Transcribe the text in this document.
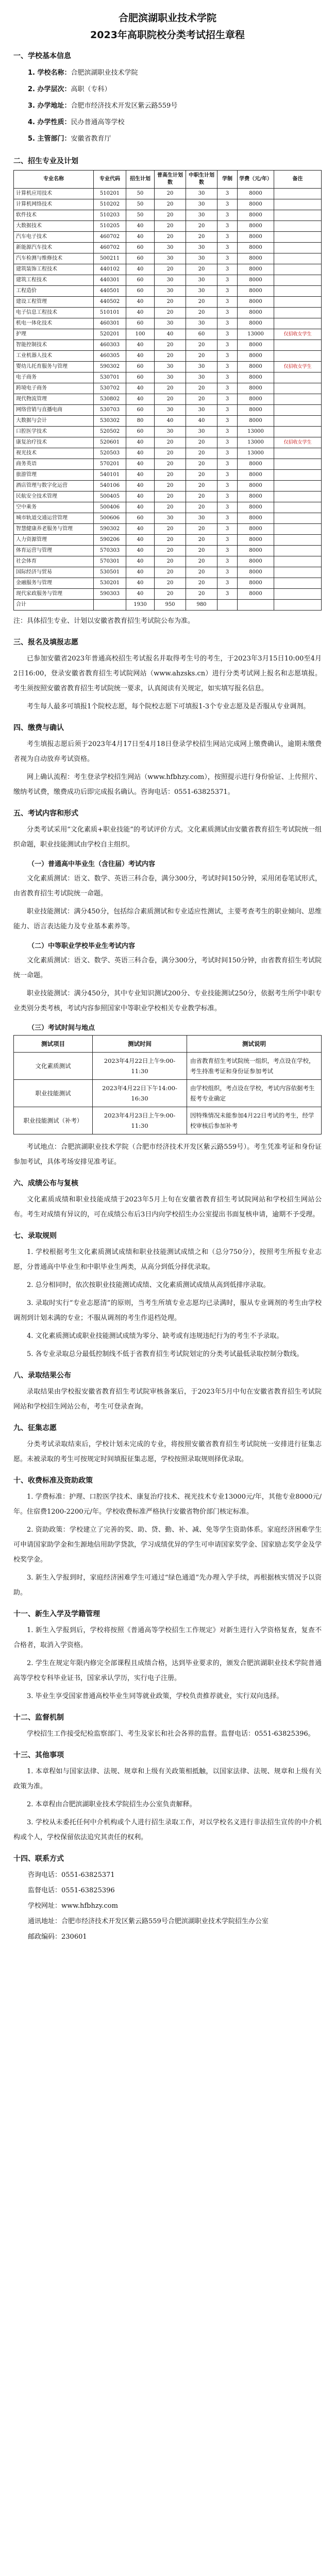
合肥滨湖职业技术学院
2023年高职院校分类考试招生章程
一、学校基本信息
1. 学校名称：合肥滨湖职业技术学院
2. 办学层次：高职（专科）
3. 办学地址：合肥市经济技术开发区紫云路559号
4. 办学性质：民办普通高等学校
5. 主管部门：安徽省教育厅
二、招生专业及计划
专业名称	专业代码	招生计划	普高生计划数	中职生计划数	学制	学费（元/年）	备注
计算机应用技术	510201	50	20	30	3	8000	
计算机网络技术	510202	50	20	30	3	8000	
软件技术	510203	50	20	30	3	8000	
大数据技术	510205	40	20	20	3	8000	
汽车电子技术	460702	40	20	20	3	8000	
新能源汽车技术	460702	60	30	30	3	8000	
汽车检测与维修技术	500211	60	30	30	3	8000	
建筑装饰工程技术	440102	40	20	20	3	8000	
建筑工程技术	440301	60	30	30	3	8000	
工程造价	440501	60	30	30	3	8000	
建设工程管理	440502	40	20	20	3	8000	
电子信息工程技术	510101	40	20	20	3	8000	
机电一体化技术	460301	60	30	30	3	8000	
护理	520201	100	40	60	3	13000	仅招收女学生
智能控制技术	460303	40	20	20	3	8000	
工业机器人技术	460305	40	20	20	3	8000	
婴幼儿托育服务与管理	590302	60	30	30	3	8000	仅招收女学生
电子商务	530701	60	30	30	3	8000	
跨境电子商务	530702	40	20	20	3	8000	
现代物流管理	530802	40	20	20	3	8000	
网络营销与直播电商	530703	60	30	30	3	8000	
大数据与会计	530302	80	40	40	3	8000	
口腔医学技术	520502	60	30	30	3	13000	
康复治疗技术	520601	40	20	20	3	13000	仅招收女学生
视光技术	520503	40	20	20	3	13000	
商务英语	570201	40	20	20	3	8000	
旅游管理	540101	40	20	20	3	8000	
酒店管理与数字化运营	540106	40	20	20	3	8000	
民航安全技术管理	500405	40	20	20	3	8000	
空中乘务	500406	40	20	20	3	8000	
城市轨道交通运营管理	500606	60	30	30	3	8000	
智慧健康养老服务与管理	590302	40	20	20	3	8000	
人力资源管理	590206	40	20	20	3	8000	
体育运营与管理	570303	40	20	20	3	8000	
社会体育	570301	40	20	20	3	8000	
国际经济与贸易	530501	40	20	20	3	8000	
金融服务与管理	530201	40	20	20	3	8000	
现代家政服务与管理	590303	40	20	20	3	8000	
合计		1930	950	980			

注：具体招生专业、计划以安徽省教育招生考试院公布为准。

三、报名及填报志愿

已参加安徽省2023年普通高校招生考试报名并取得考生号的考生，于2023年3月15日10:00至4月2日16:00，登录安徽省教育招生考试院网站（www.ahzsks.cn）进行分类考试网上报名和志愿填报。考生须按照安徽省教育招生考试院统一要求，认真阅读有关规定，如实填写报名信息。

考生每人最多可填报1个院校志愿，每个院校志愿下可填报1-3个专业志愿及是否服从专业调剂。

四、缴费与确认

考生填报志愿后须于2023年4月17日至4月18日登录学校招生网站完成网上缴费确认，逾期未缴费者视为自动放弃考试资格。

网上确认流程：考生登录学校招生网站（www.hfbhzy.com），按照提示进行身份验证、上传照片、缴纳考试费，缴费成功后即完成报名确认。咨询电话：0551-63825371。

五、考试内容和形式

分类考试采用“文化素质+职业技能”的考试评价方式。文化素质测试由安徽省教育招生考试院统一组织命题，职业技能测试由学校自主组织。

（一）普通高中毕业生（含往届）考试内容

文化素质测试：语文、数学、英语三科合卷，满分300分，考试时间150分钟，采用闭卷笔试形式，由省教育招生考试院统一命题。

职业技能测试：满分450分，包括综合素质测试和专业适应性测试，主要考查考生的职业倾向、思维能力、语言表达能力及专业基本素养等。

（二）中等职业学校毕业生考试内容

文化素质测试：语文、数学、英语三科合卷，满分300分，考试时间150分钟，由省教育招生考试院统一命题。

职业技能测试：满分450分，其中专业知识测试200分、专业技能测试250分，依据考生所学中职专业类别分类考核，考试内容参照国家中等职业学校相关专业教学标准。

（三）考试时间与地点
测试项目	测试时间	测试说明
文化素质测试	2023年4月22日上午9:00-11:30	由省教育招生考试院统一组织，考点设在学校，考生持准考证和身份证参加考试
职业技能测试	2023年4月22日下午14:00-16:30	由学校组织，考点设在学校，考试内容依据考生报考专业确定
职业技能测试（补考）	2023年4月23日上午9:00-11:30	因特殊情况未能参加4月22日考试的考生，经学校审核后参加补考

考试地点：合肥滨湖职业技术学院（合肥市经济技术开发区紫云路559号）。考生凭准考证和身份证参加考试，具体考场安排见准考证。

六、成绩公布与复核

文化素质成绩和职业技能成绩于2023年5月上旬在安徽省教育招生考试院网站和学校招生网站公布。考生对成绩有异议的，可在成绩公布后3日内向学校招生办公室提出书面复核申请，逾期不予受理。

七、录取规则

1. 学校根据考生文化素质测试成绩和职业技能测试成绩之和（总分750分），按照考生所报专业志愿，分普通高中毕业生和中职毕业生两类，从高分到低分择优录取。

2. 总分相同时，依次按职业技能测试成绩、文化素质测试成绩从高到低排序录取。

3. 录取时实行“专业志愿清”的原则，当考生所填专业志愿均已录满时，服从专业调剂的考生由学校调剂到计划未满的专业；不服从调剂的考生作退档处理。

4. 文化素质测试或职业技能测试成绩为零分、缺考或有违规违纪行为的考生不予录取。

5. 各专业录取总分最低控制线不低于省教育招生考试院划定的分类考试最低录取控制分数线。

八、录取结果公布

录取结果由学校报安徽省教育招生考试院审核备案后，于2023年5月中旬在安徽省教育招生考试院网站和学校招生网站公布，考生可登录查询。

九、征集志愿

分类考试录取结束后，学校计划未完成的专业，将按照安徽省教育招生考试院统一安排进行征集志愿。未被录取的考生可按规定时间填报征集志愿，学校按照录取规则择优录取。

十、收费标准及资助政策

1. 学费标准：护理、口腔医学技术、康复治疗技术、视光技术专业13000元/年，其他专业8000元/年。住宿费1200-2200元/年。学校收费标准严格执行安徽省物价部门核定标准。

2. 资助政策：学校建立了完善的奖、助、贷、勤、补、减、免等学生资助体系。家庭经济困难学生可申请国家助学金和生源地信用助学贷款，学习成绩优异的学生可申请国家奖学金、国家励志奖学金及学校奖学金。

3. 新生入学报到时，家庭经济困难学生可通过“绿色通道”先办理入学手续，再根据核实情况予以资助。

十一、新生入学及学籍管理

1. 新生入学报到后，学校将按照《普通高等学校招生工作规定》对新生进行入学资格复查，复查不合格者，取消入学资格。

2. 学生在规定年限内修完全部课程且成绩合格，达到毕业要求的，颁发合肥滨湖职业技术学院普通高等学校专科毕业证书，国家承认学历，实行电子注册。

3. 毕业生享受国家普通高校毕业生同等就业政策，学校负责推荐就业，实行双向选择。

十二、监督机制

学校招生工作接受纪检监察部门、考生及家长和社会各界的监督。监督电话：0551-63825396。

十三、其他事项

1. 本章程如与国家法律、法规、规章和上级有关政策相抵触，以国家法律、法规、规章和上级有关政策为准。

2. 本章程由合肥滨湖职业技术学院招生办公室负责解释。

3. 学校从未委托任何中介机构或个人进行招生录取工作，对以学校名义进行非法招生宣传的中介机构或个人，学校保留依法追究其责任的权利。

十四、联系方式
咨询电话：0551-63825371
监督电话：0551-63825396
学校网址：www.hfbhzy.com
通讯地址：合肥市经济技术开发区紫云路559号合肥滨湖职业技术学院招生办公室
邮政编码：230601
